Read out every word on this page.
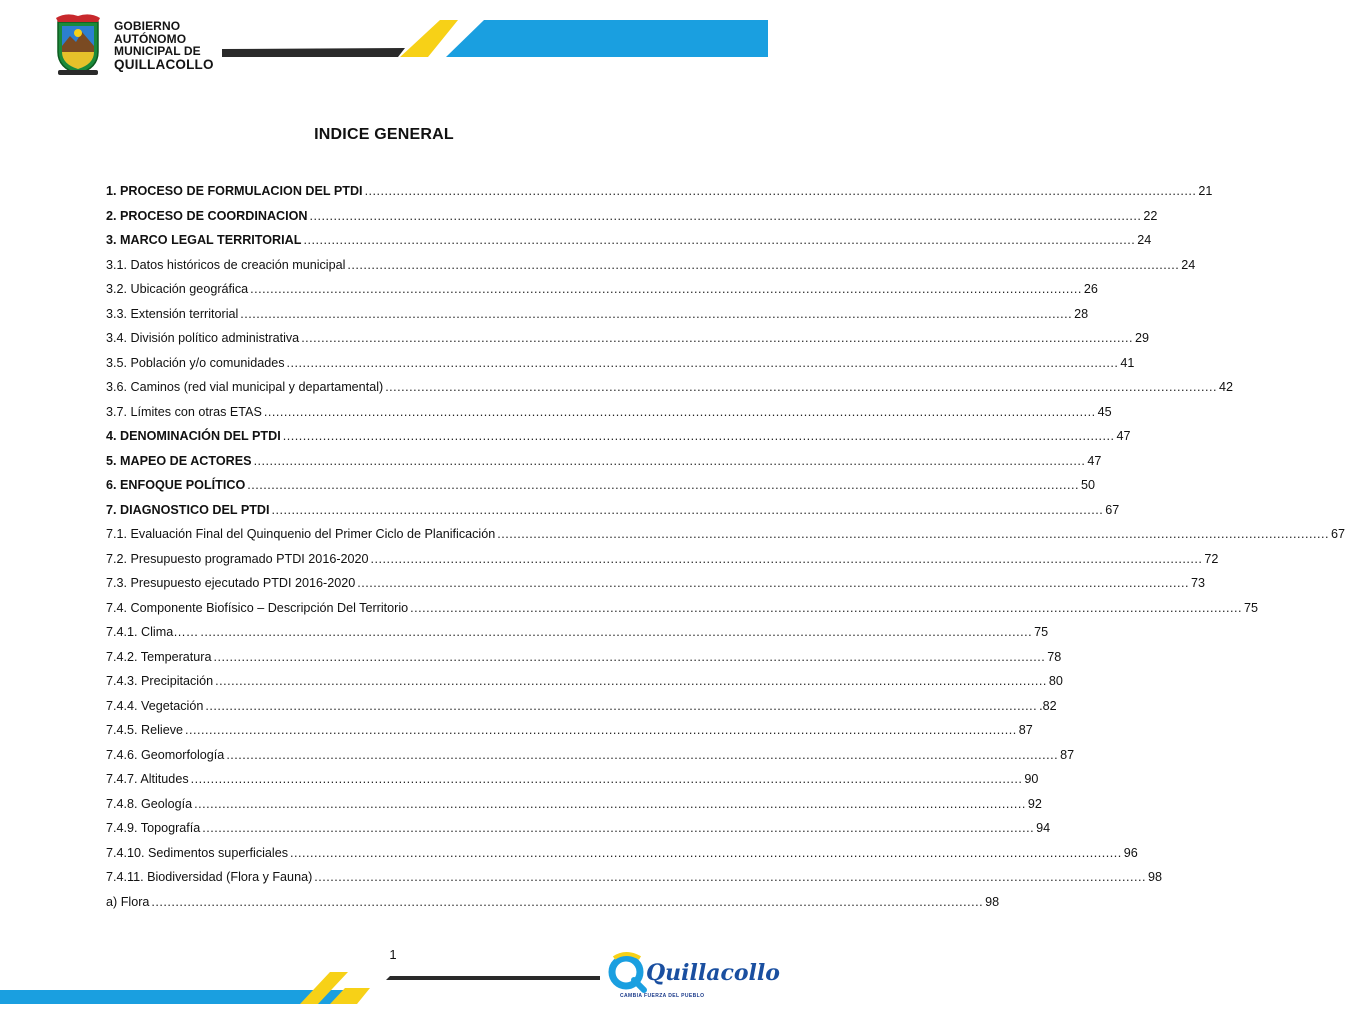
GOBIERNO
AUTÓNOMO
MUNICIPAL DE
QUILLACOLLO
INDICE GENERAL
1. PROCESO DE FORMULACION DEL PTDI .....	21
2. PROCESO DE COORDINACION .....	22
3. MARCO LEGAL TERRITORIAL .....	24
3.1. Datos históricos de creación municipal .....	24
3.2. Ubicación geográfica .....	26
3.3. Extensión territorial .....	28
3.4. División político administrativa .....	29
3.5. Población y/o comunidades .....	41
3.6. Caminos (red vial municipal y departamental) .....	42
3.7. Límites con otras ETAS .....	45
4. DENOMINACIÓN DEL PTDI .....	47
5. MAPEO DE ACTORES .....	47
6. ENFOQUE POLÍTICO .....	50
7. DIAGNOSTICO DEL PTDI .....	67
7.1. Evaluación Final del Quinquenio del Primer Ciclo de Planificación .....	67
7.2. Presupuesto programado PTDI 2016-2020 .....	72
7.3. Presupuesto ejecutado PTDI 2016-2020 .....	73
7.4. Componente Biofísico – Descripción Del Territorio .....	75
7.4.1. Clima…… .....	75
7.4.2. Temperatura .....	78
7.4.3. Precipitación .....	80
7.4.4. Vegetación .....	.82
7.4.5. Relieve .....	87
7.4.6. Geomorfología .....	87
7.4.7. Altitudes .....	90
7.4.8. Geología .....	92
7.4.9. Topografía .....	94
7.4.10. Sedimentos superficiales .....	96
7.4.11. Biodiversidad (Flora y Fauna) .....	98
a) Flora .....	98
1
Quillacollo
CAMBIA FUERZA DEL PUEBLO
